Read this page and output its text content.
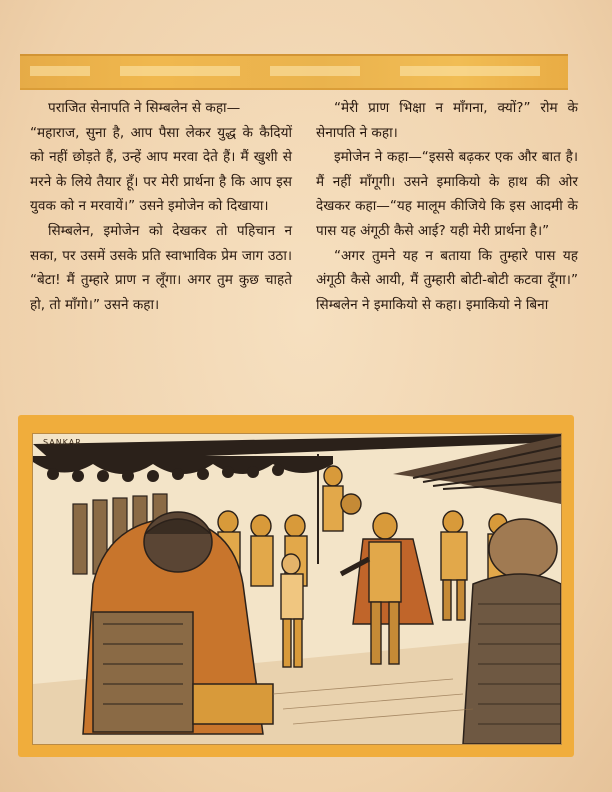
पराजित सेनापति ने सिम्बलेन से कहा—

“महाराज, सुना है, आप पैसा लेकर युद्ध के कैदियों को नहीं छोड़ते हैं, उन्हें आप मरवा देते हैं। मैं खुशी से मरने के लिये तैयार हूँ। पर मेरी प्रार्थना है कि आप इस युवक को न मरवायें।” उसने इमोजेन को दिखाया।

सिम्बलेन, इमोजेन को देखकर तो पहिचान न सका, पर उसमें उसके प्रति स्वाभाविक प्रेम जाग उठा। “बेटा! मैं तुम्हारे प्राण न लूँगा। अगर तुम कुछ चाहते हो, तो माँगो।” उसने कहा।

“मेरी प्राण भिक्षा न माँगना, क्यों?” रोम के सेनापति ने कहा।

इमोजेन ने कहा—“इससे बढ़कर एक और बात है। मैं नहीं माँगूगी। उसने इमाकियो के हाथ की ओर देखकर कहा—“यह मालूम कीजिये कि इस आदमी के पास यह अंगूठी कैसे आई? यही मेरी प्रार्थना है।”

“अगर तुमने यह न बताया कि तुम्हारे पास यह अंगूठी कैसे आयी, मैं तुम्हारी बोटी-बोटी कटवा दूँगा।” सिम्बलेन ने इमाकियो से कहा। इमाकियो ने बिना

SANKAR
